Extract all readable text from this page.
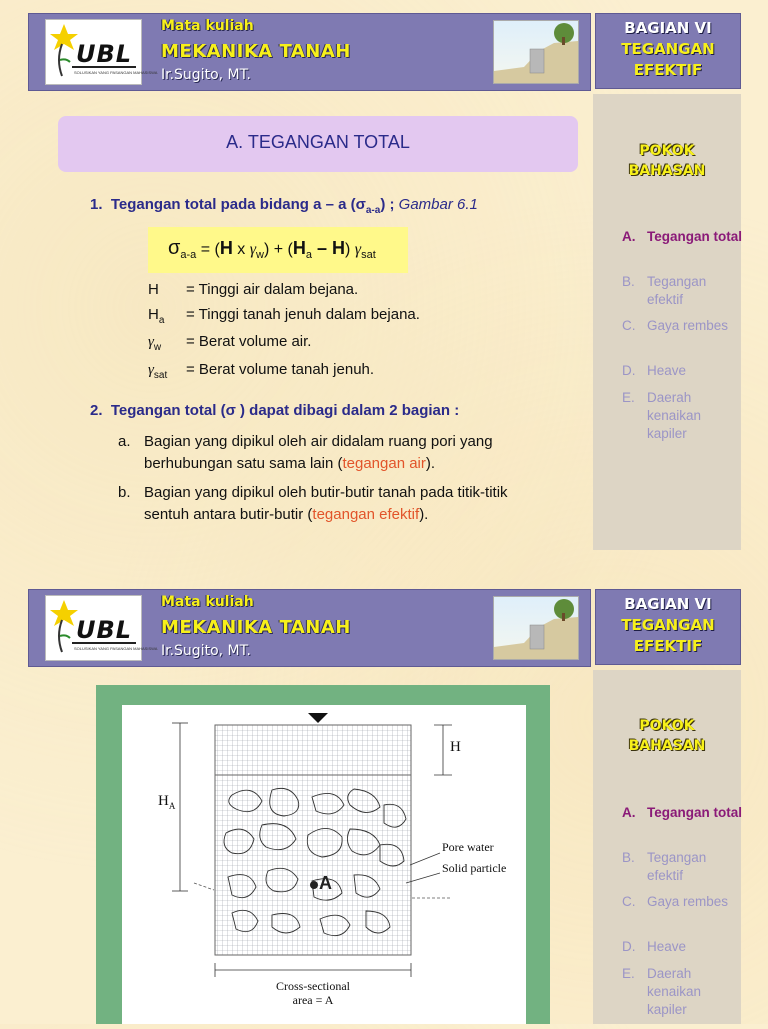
UBL
SOLUSIKAN YANG PASANGAN MAHASISWA
Mata kuliah
MEKANIKA TANAH
Ir.Sugito, MT.
BAGIAN VI
TEGANGAN
EFEKTIF
POKOK
BAHASAN
A. Tegangan total
B. Tegangan efektif
C. Gaya rembes
D. Heave
E. Daerah kenaikan kapiler
A. TEGANGAN TOTAL
1. Tegangan total pada bidang a – a $(\sigma_{a-a})$ ; Gambar 6.1
$\sigma_{a-a} = (H$ x $\gamma_w) + (H_a - H)$ $\gamma_{sat}$
H = Tinggi air dalam bejana.
$H_a$ = Tinggi tanah jenuh dalam bejana.
$\gamma_w$ = Berat volume air.
$\gamma_{sat}$ = Berat volume tanah jenuh.
2. Tegangan total (σ ) dapat dibagi dalam 2 bagian :
a. Bagian yang dipikul oleh air didalam ruang pori yang
berhubungan satu sama lain (tegangan air).
b. Bagian yang dipikul oleh butir-butir tanah pada titik-titik
sentuh antara butir-butir (tegangan efektif).
UBL
SOLUSIKAN YANG PASANGAN MAHASISWA
Mata kuliah
MEKANIKA TANAH
Ir.Sugito, MT.
BAGIAN VI
TEGANGAN
EFEKTIF
POKOK
BAHASAN
A. Tegangan total
B. Tegangan efektif
C. Gaya rembes
D. Heave
E. Daerah kenaikan kapiler
H
$H_A$
Pore water
Solid particle
A
Cross-sectional
area = A
